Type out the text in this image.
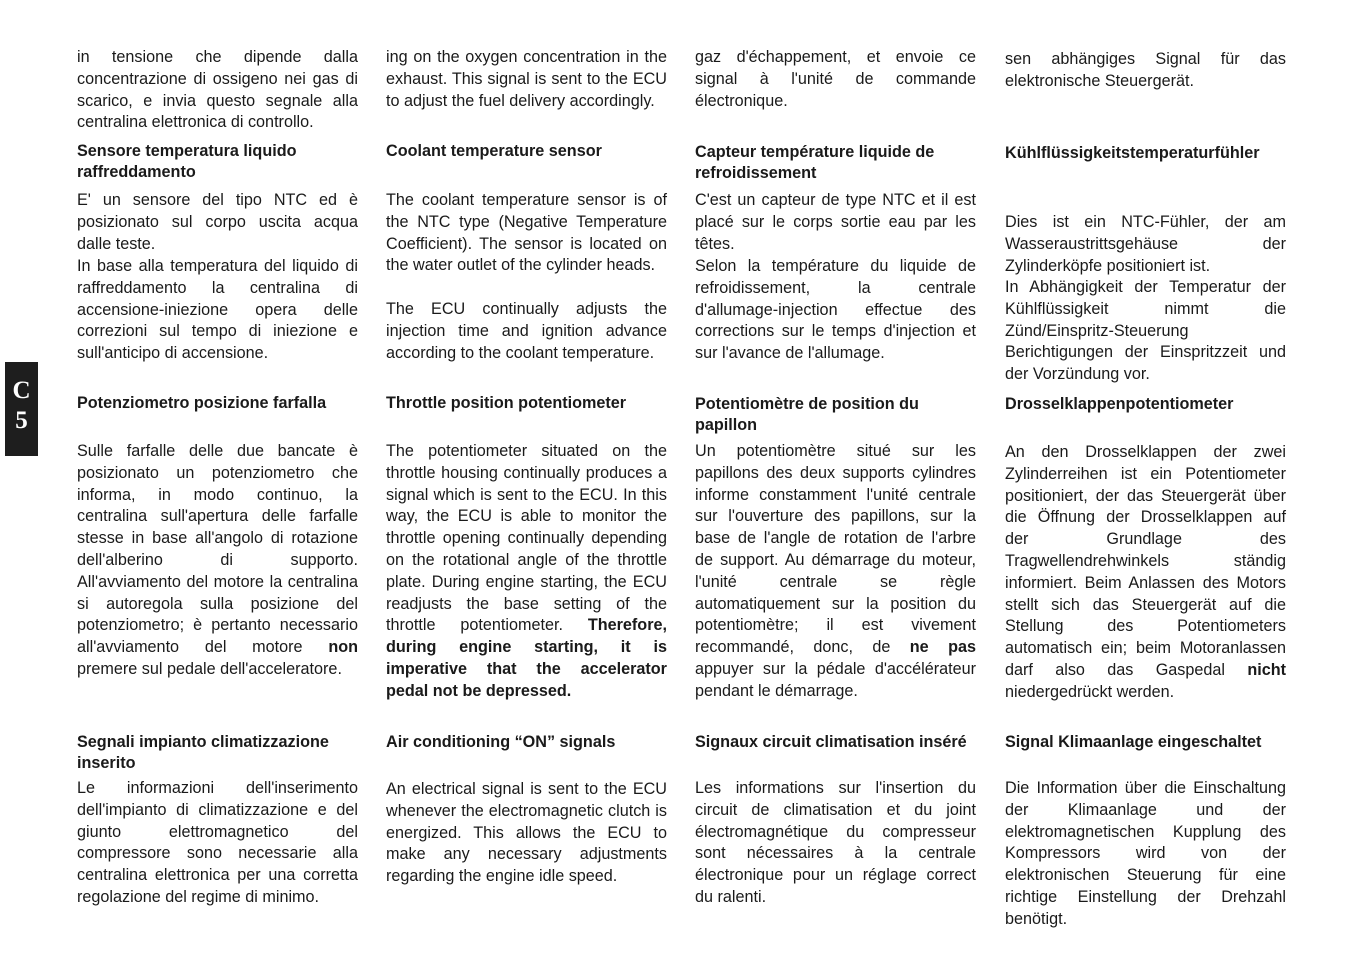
C
5

in tensione che dipende dalla concentrazione di ossigeno nei gas di scarico, e invia questo segnale alla centralina elettronica di controllo.

Sensore temperatura liquido raffreddamento

E' un sensore del tipo NTC ed è posizionato sul corpo uscita acqua dalle teste.

In base alla temperatura del liquido di raffreddamento la centralina di accensione-iniezione opera delle correzioni sul tempo di iniezione e sull'anticipo di accensione.

Potenziometro posizione farfalla

Sulle farfalle delle due bancate è posizionato un potenziometro che informa, in modo continuo, la centralina sull'apertura delle farfalle stesse in base all'angolo di rotazione dell'alberino di supporto. All'avviamento del motore la centralina si autoregola sulla posizione del potenziometro; è pertanto necessario all'avviamento del motore non premere sul pedale dell'acceleratore.

Segnali impianto climatizzazione inserito

Le informazioni dell'inserimento dell'impianto di climatizzazione e del giunto elettromagnetico del compressore sono necessarie alla centralina elettronica per una corretta regolazione del regime di minimo.

ing on the oxygen concentration in the exhaust. This signal is sent to the ECU to adjust the fuel delivery accordingly.

Coolant temperature sensor

The coolant temperature sensor is of the NTC type (Negative Temperature Coefficient). The sensor is located on the water outlet of the cylinder heads.

The ECU continually adjusts the injection time and ignition advance according to the coolant temperature.

Throttle position potentiometer

The potentiometer situated on the throttle housing continually produces a signal which is sent to the ECU. In this way, the ECU is able to monitor the throttle opening continually depending on the rotational angle of the throttle plate. During engine starting, the ECU readjusts the base setting of the throttle potentiometer. Therefore, during engine starting, it is imperative that the accelerator pedal not be depressed.

Air conditioning “ON” signals

An electrical signal is sent to the ECU whenever the electromagnetic clutch is energized. This allows the ECU to make any necessary adjustments regarding the engine idle speed.

gaz d'échappement, et envoie ce signal à l'unité de commande électronique.

Capteur température liquide de refroidissement

C'est un capteur de type NTC et il est placé sur le corps sortie eau par les têtes.

Selon la température du liquide de refroidissement, la centrale d'allumage-injection effectue des corrections sur le temps d'injection et sur l'avance de l'allumage.

Potentiomètre de position du papillon

Un potentiomètre situé sur les papillons des deux supports cylindres informe constamment l'unité centrale sur l'ouverture des papillons, sur la base de l'angle de rotation de l'arbre de support. Au démarrage du moteur, l'unité centrale se règle automatiquement sur la position du potentiomètre; il est vivement recommandé, donc, de ne pas appuyer sur la pédale d'accélérateur pendant le démarrage.

Signaux circuit climatisation inséré

Les informations sur l'insertion du circuit de climatisation et du joint électromagnétique du compresseur sont nécessaires à la centrale électronique pour un réglage correct du ralenti.

sen abhängiges Signal für das elektronische Steuergerät.

Kühlflüssigkeitstemperaturfühler

Dies ist ein NTC-Fühler, der am Wasseraustrittsgehäuse der Zylinderköpfe positioniert ist.

In Abhängigkeit der Temperatur der Kühlflüssigkeit nimmt die Zünd/Einspritz-Steuerung Berichtigungen der Einspritzzeit und der Vorzündung vor.

Drosselklappenpotentiometer

An den Drosselklappen der zwei Zylinderreihen ist ein Potentiometer positioniert, der das Steuergerät über die Öffnung der Drosselklappen auf der Grundlage des Tragwellendrehwinkels ständig informiert. Beim Anlassen des Motors stellt sich das Steuergerät auf die Stellung des Potentiometers automatisch ein; beim Motoranlassen darf also das Gaspedal nicht niedergedrückt werden.

Signal Klimaanlage eingeschaltet

Die Information über die Einschaltung der Klimaanlage und der elektromagnetischen Kupplung des Kompressors wird von der elektronischen Steuerung für eine richtige Einstellung der Drehzahl benötigt.
